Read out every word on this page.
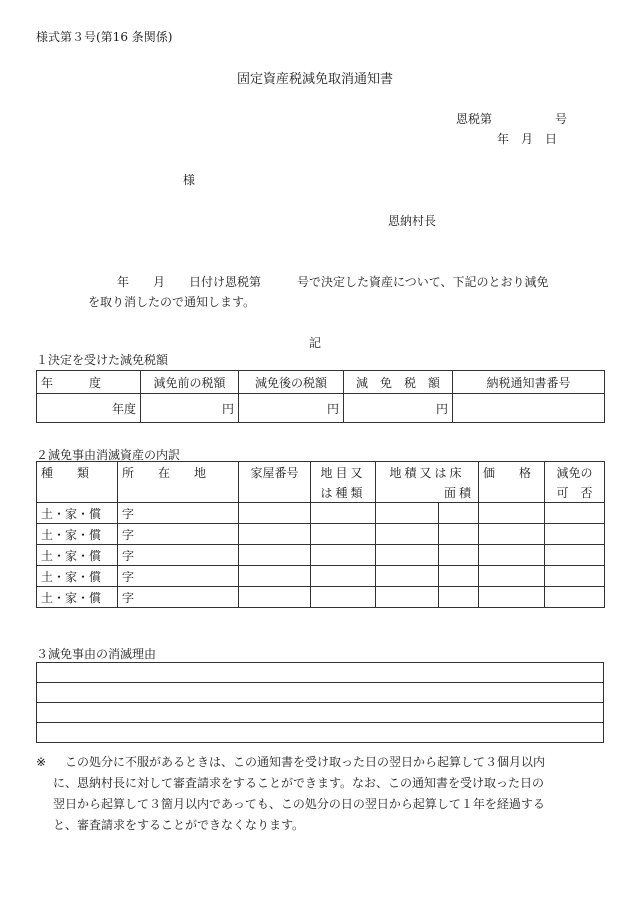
様式第３号(第16 条関係)
固定資産税減免取消通知書
恩税第	号
年　月　日
様
恩納村長
年　　月　　日付け恩税第　　　号で決定した資産について、下記のとおり減免
を取り消したので通知します。
記
１決定を受けた減免税額
年　　　度	減免前の税額	減免後の税額	減　免　税　額	納税通知書番号
年度	円	円	円	
２減免事由消滅資産の内訳
種　　類	所　　在　　地	家屋番号	地目又	地積又は床		価　　格	減免の
			は種類	面積			可　否
土・家・償	字						
土・家・償	字						
土・家・償	字						
土・家・償	字						
土・家・償	字						
３減免事由の消滅理由

※ この処分に不服があるときは、この通知書を受け取った日の翌日から起算して３個月以内
に、恩納村長に対して審査請求をすることができます。なお、この通知書を受け取った日の
翌日から起算して３箇月以内であっても、この処分の日の翌日から起算して１年を経過する
と、審査請求をすることができなくなります。
